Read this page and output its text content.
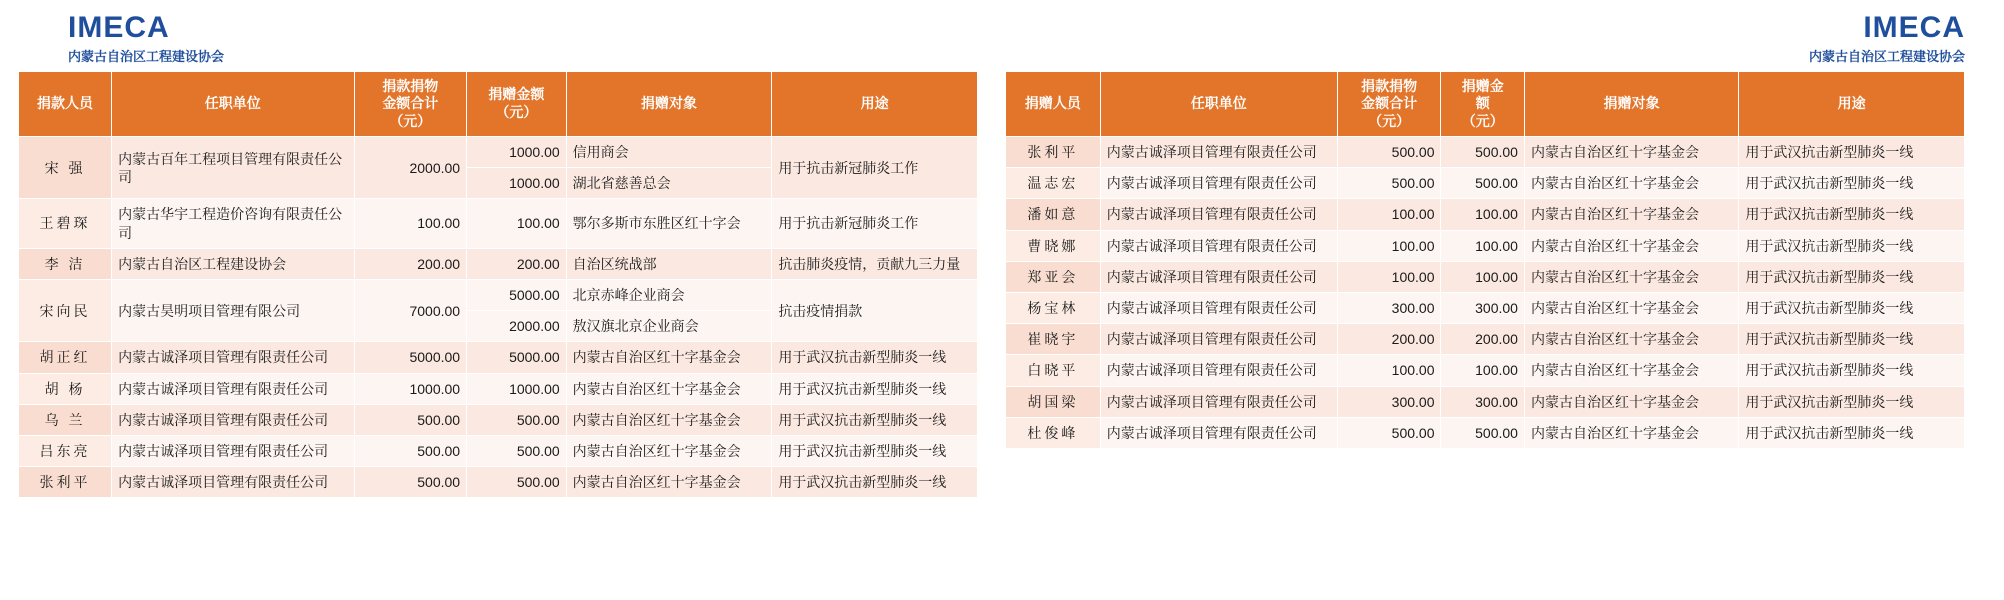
IMECA
内蒙古自治区工程建设协会
捐款人员	任职单位	
捐款捐物
金额合计
（元）

捐赠金额
（元）
	捐赠对象	用途
宋 强	内蒙古百年工程项目管理有限责任公司	2000.00	1000.00	信用商会	用于抗击新冠肺炎工作
			1000.00	湖北省慈善总会	
王碧琛	内蒙古华宇工程造价咨询有限责任公司	100.00	100.00	鄂尔多斯市东胜区红十字会	用于抗击新冠肺炎工作
李 洁	内蒙古自治区工程建设协会	200.00	200.00	自治区统战部	抗击肺炎疫情，贡献九三力量
宋向民	内蒙古昊明项目管理有限公司	7000.00	5000.00	北京赤峰企业商会	抗击疫情捐款
			2000.00	敖汉旗北京企业商会	
胡正红	内蒙古诚泽项目管理有限责任公司	5000.00	5000.00	内蒙古自治区红十字基金会	用于武汉抗击新型肺炎一线
胡 杨	内蒙古诚泽项目管理有限责任公司	1000.00	1000.00	内蒙古自治区红十字基金会	用于武汉抗击新型肺炎一线
乌 兰	内蒙古诚泽项目管理有限责任公司	500.00	500.00	内蒙古自治区红十字基金会	用于武汉抗击新型肺炎一线
吕东亮	内蒙古诚泽项目管理有限责任公司	500.00	500.00	内蒙古自治区红十字基金会	用于武汉抗击新型肺炎一线
张利平	内蒙古诚泽项目管理有限责任公司	500.00	500.00	内蒙古自治区红十字基金会	用于武汉抗击新型肺炎一线
IMECA
内蒙古自治区工程建设协会
捐赠人员	任职单位	
捐款捐物
金额合计
（元）

捐赠金
额
（元）
	捐赠对象	用途
张利平	内蒙古诚泽项目管理有限责任公司	500.00	500.00	内蒙古自治区红十字基金会	用于武汉抗击新型肺炎一线
温志宏	内蒙古诚泽项目管理有限责任公司	500.00	500.00	内蒙古自治区红十字基金会	用于武汉抗击新型肺炎一线
潘如意	内蒙古诚泽项目管理有限责任公司	100.00	100.00	内蒙古自治区红十字基金会	用于武汉抗击新型肺炎一线
曹晓娜	内蒙古诚泽项目管理有限责任公司	100.00	100.00	内蒙古自治区红十字基金会	用于武汉抗击新型肺炎一线
郑亚会	内蒙古诚泽项目管理有限责任公司	100.00	100.00	内蒙古自治区红十字基金会	用于武汉抗击新型肺炎一线
杨宝林	内蒙古诚泽项目管理有限责任公司	300.00	300.00	内蒙古自治区红十字基金会	用于武汉抗击新型肺炎一线
崔晓宇	内蒙古诚泽项目管理有限责任公司	200.00	200.00	内蒙古自治区红十字基金会	用于武汉抗击新型肺炎一线
白晓平	内蒙古诚泽项目管理有限责任公司	100.00	100.00	内蒙古自治区红十字基金会	用于武汉抗击新型肺炎一线
胡国梁	内蒙古诚泽项目管理有限责任公司	300.00	300.00	内蒙古自治区红十字基金会	用于武汉抗击新型肺炎一线
杜俊峰	内蒙古诚泽项目管理有限责任公司	500.00	500.00	内蒙古自治区红十字基金会	用于武汉抗击新型肺炎一线
